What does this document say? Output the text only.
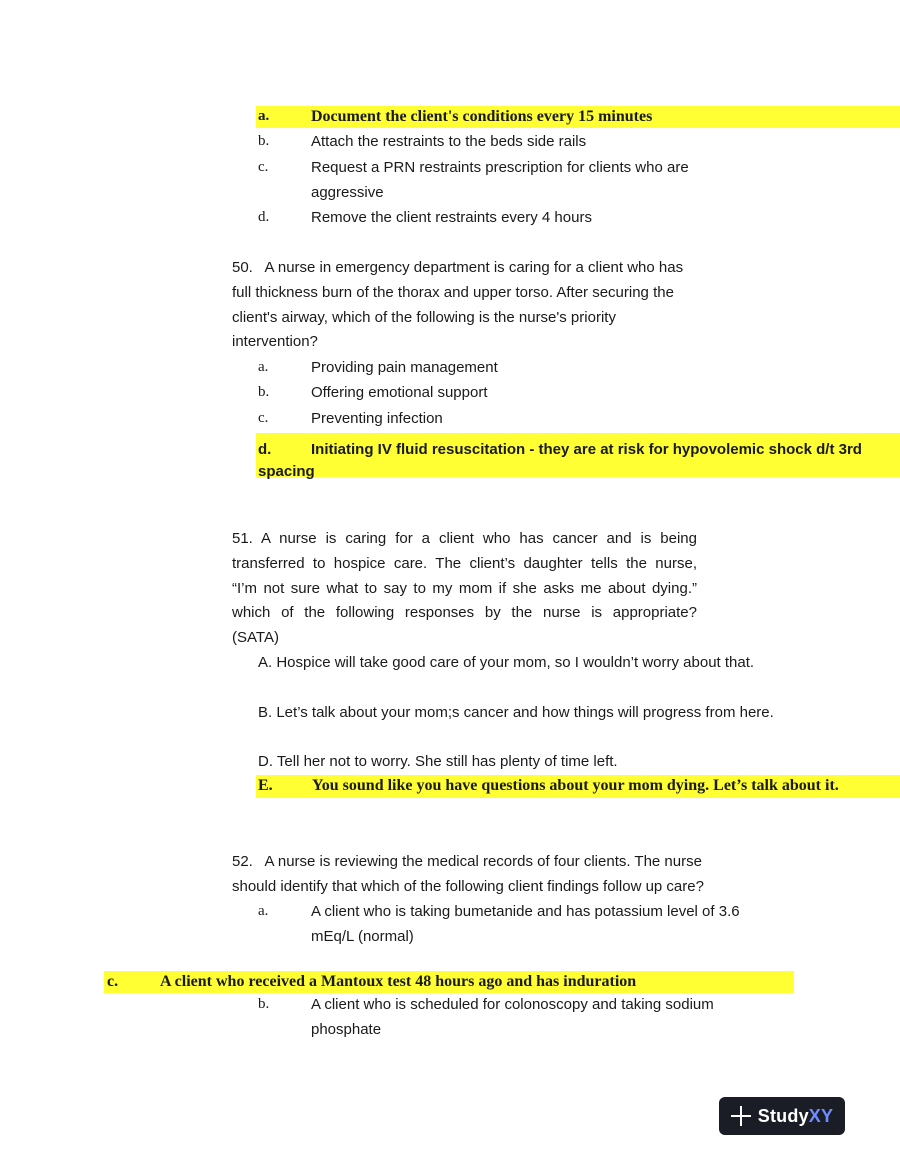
a.	Document the client's conditions every 15 minutes
b.	Attach the restraints to the beds side rails
c.	Request a PRN restraints prescription for clients who are
aggressive
d.	Remove the client restraints every 4 hours
50.   A nurse in emergency department is caring for a client who has
full thickness burn of the thorax and upper torso. After securing the
client's airway, which of the following is the nurse's priority
intervention?
a.	Providing pain management
b.	Offering emotional support
c.	Preventing infection
d.	Initiating IV fluid resuscitation - they are at risk for hypovolemic shock d/t 3rd
spacing
51. A nurse is caring for a client who has cancer and is being transferred to hospice care. The client’s daughter tells the nurse, “I’m not sure what to say to my mom if she asks me about dying.” which of the following responses by the nurse is appropriate? (SATA)
A. Hospice will take good care of your mom, so I wouldn’t worry about that.
B. Let’s talk about your mom;s cancer and how things will progress from here.
D. Tell her not to worry. She still has plenty of time left.
E. You sound like you have questions about your mom dying. Let’s talk about it.
52.   A nurse is reviewing the medical records of four clients. The nurse
should identify that which of the following client findings follow up care?
a.	A client who is taking bumetanide and has potassium level of 3.6
mEq/L (normal)
c.	A client who received a Mantoux test 48 hours ago and has induration
b.	A client who is scheduled for colonoscopy and taking sodium
phosphate
StudyXY
